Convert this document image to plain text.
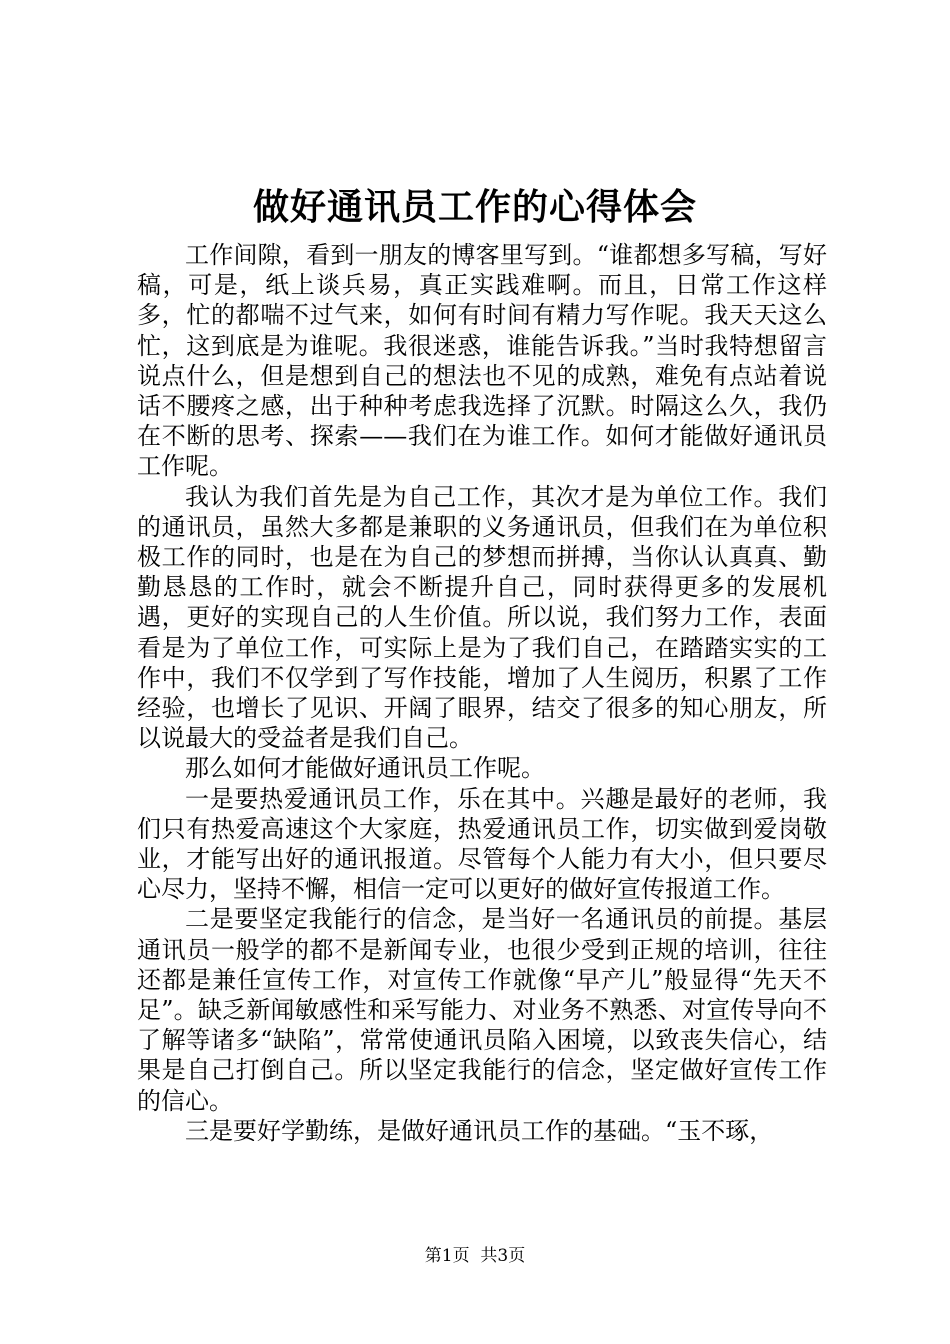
做好通讯员工作的心得体会

工作间隙，看到一朋友的博客里写到。“谁都想多写稿，写好稿，可是，纸上谈兵易，真正实践难啊。而且，日常工作这样多，忙的都喘不过气来，如何有时间有精力写作呢。我天天这么忙，这到底是为谁呢。我很迷惑，谁能告诉我。”当时我特想留言说点什么，但是想到自己的想法也不见的成熟，难免有点站着说话不腰疼之感，出于种种考虑我选择了沉默。时隔这么久，我仍在不断的思考、探索——我们在为谁工作。如何才能做好通讯员工作呢。

我认为我们首先是为自己工作，其次才是为单位工作。我们的通讯员，虽然大多都是兼职的义务通讯员，但我们在为单位积极工作的同时，也是在为自己的梦想而拼搏，当你认认真真、勤勤恳恳的工作时，就会不断提升自己，同时获得更多的发展机遇，更好的实现自己的人生价值。所以说，我们努力工作，表面看是为了单位工作，可实际上是为了我们自己，在踏踏实实的工作中，我们不仅学到了写作技能，增加了人生阅历，积累了工作经验，也增长了见识、开阔了眼界，结交了很多的知心朋友，所以说最大的受益者是我们自己。

那么如何才能做好通讯员工作呢。

一是要热爱通讯员工作，乐在其中。兴趣是最好的老师，我们只有热爱高速这个大家庭，热爱通讯员工作，切实做到爱岗敬业，才能写出好的通讯报道。尽管每个人能力有大小，但只要尽心尽力，坚持不懈，相信一定可以更好的做好宣传报道工作。

二是要坚定我能行的信念，是当好一名通讯员的前提。基层通讯员一般学的都不是新闻专业，也很少受到正规的培训，往往还都是兼任宣传工作，对宣传工作就像“早产儿”般显得“先天不足”。缺乏新闻敏感性和采写能力、对业务不熟悉、对宣传导向不了解等诸多“缺陷”，常常使通讯员陷入困境，以致丧失信心，结果是自己打倒自己。所以坚定我能行的信念，坚定做好宣传工作的信心。

三是要好学勤练，是做好通讯员工作的基础。“玉不琢，

第1页  共3页
